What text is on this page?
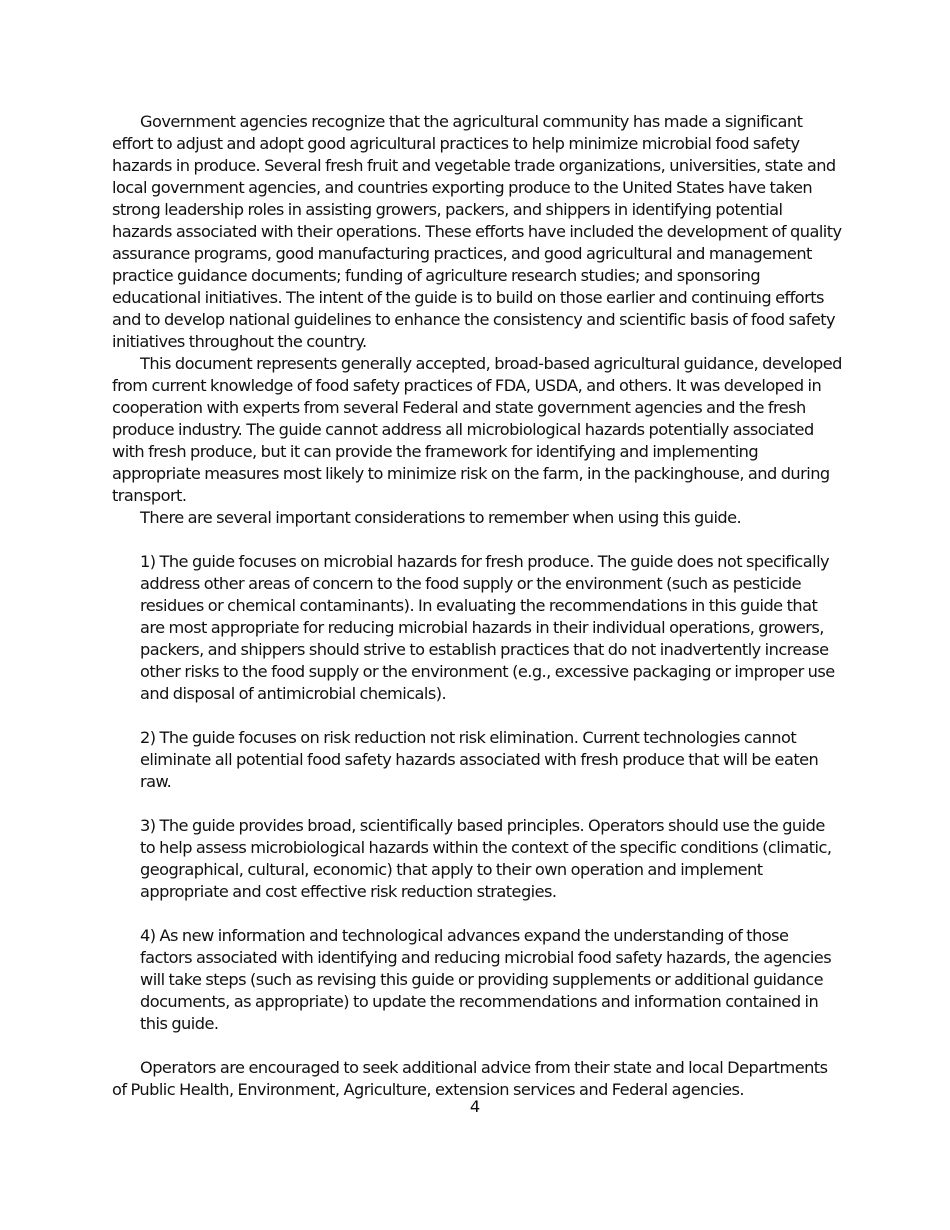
Government agencies recognize that the agricultural community has made a significant effort to adjust and adopt good agricultural practices to help minimize microbial food safety hazards in produce. Several fresh fruit and vegetable trade organizations, universities, state and local government agencies, and countries exporting produce to the United States have taken strong leadership roles in assisting growers, packers, and shippers in identifying potential hazards associated with their operations. These efforts have included the development of quality assurance programs, good manufacturing practices, and good agricultural and management practice guidance documents; funding of agriculture research studies; and sponsoring educational initiatives. The intent of the guide is to build on those earlier and continuing efforts and to develop national guidelines to enhance the consistency and scientific basis of food safety initiatives throughout the country.

This document represents generally accepted, broad-based agricultural guidance, developed from current knowledge of food safety practices of FDA, USDA, and others. It was developed in cooperation with experts from several Federal and state government agencies and the fresh produce industry. The guide cannot address all microbiological hazards potentially associated with fresh produce, but it can provide the framework for identifying and implementing appropriate measures most likely to minimize risk on the farm, in the packinghouse, and during transport.

There are several important considerations to remember when using this guide.

1) The guide focuses on microbial hazards for fresh produce. The guide does not specifically address other areas of concern to the food supply or the environment (such as pesticide residues or chemical contaminants). In evaluating the recommendations in this guide that are most appropriate for reducing microbial hazards in their individual operations, growers, packers, and shippers should strive to establish practices that do not inadvertently increase other risks to the food supply or the environment (e.g., excessive packaging or improper use and disposal of antimicrobial chemicals).

2) The guide focuses on risk reduction not risk elimination. Current technologies cannot eliminate all potential food safety hazards associated with fresh produce that will be eaten raw.

3) The guide provides broad, scientifically based principles. Operators should use the guide to help assess microbiological hazards within the context of the specific conditions (climatic, geographical, cultural, economic) that apply to their own operation and implement appropriate and cost effective risk reduction strategies.

4) As new information and technological advances expand the understanding of those factors associated with identifying and reducing microbial food safety hazards, the agencies will take steps (such as revising this guide or providing supplements or additional guidance documents, as appropriate) to update the recommendations and information contained in this guide.

Operators are encouraged to seek additional advice from their state and local Departments of Public Health, Environment, Agriculture, extension services and Federal agencies.

4
